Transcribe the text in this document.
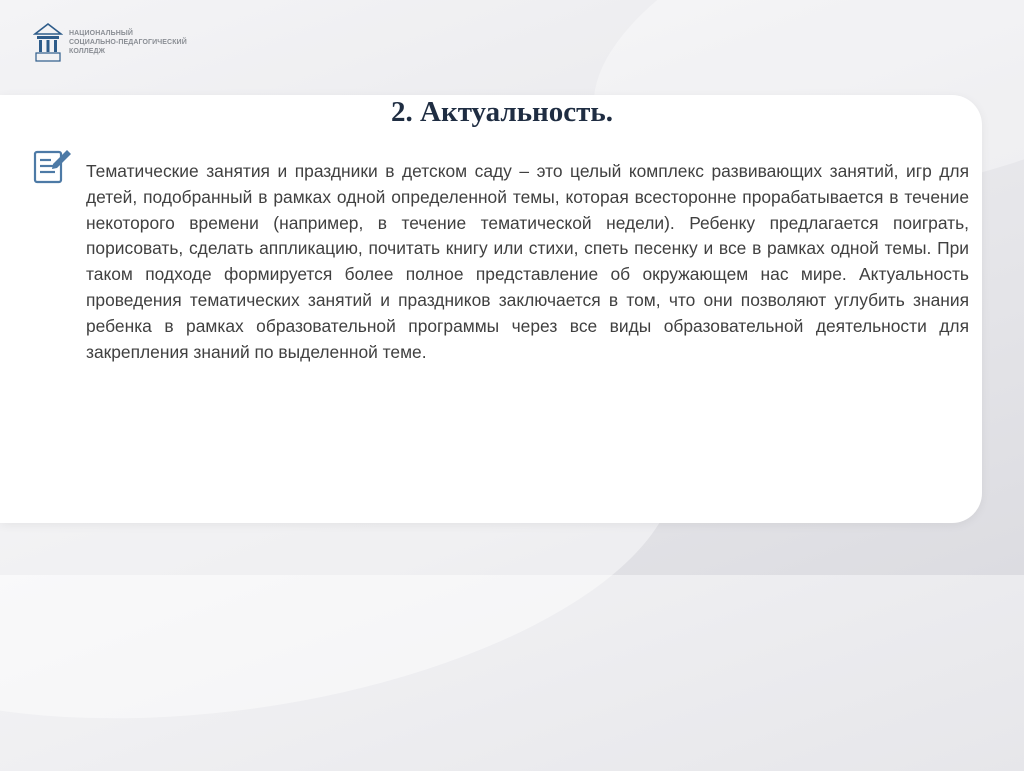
НАЦИОНАЛЬНЫЙ
СОЦИАЛЬНО-ПЕДАГОГИЧЕСКИЙ
КОЛЛЕДЖ
2. Актуальность.

Тематические занятия и праздники в детском саду – это целый комплекс развивающих занятий, игр для детей, подобранный в рамках одной определенной темы, которая всесторонне прорабатывается в течение некоторого времени (например, в течение тематической недели). Ребенку предлагается поиграть, порисовать, сделать аппликацию, почитать книгу или стихи, спеть песенку и все в рамках одной темы. При таком подходе формируется более полное представление об окружающем нас мире. Актуальность проведения тематических занятий и праздников заключается в том, что они позволяют углубить знания ребенка в рамках образовательной программы через все виды образовательной деятельности для закрепления знаний по выделенной теме.
